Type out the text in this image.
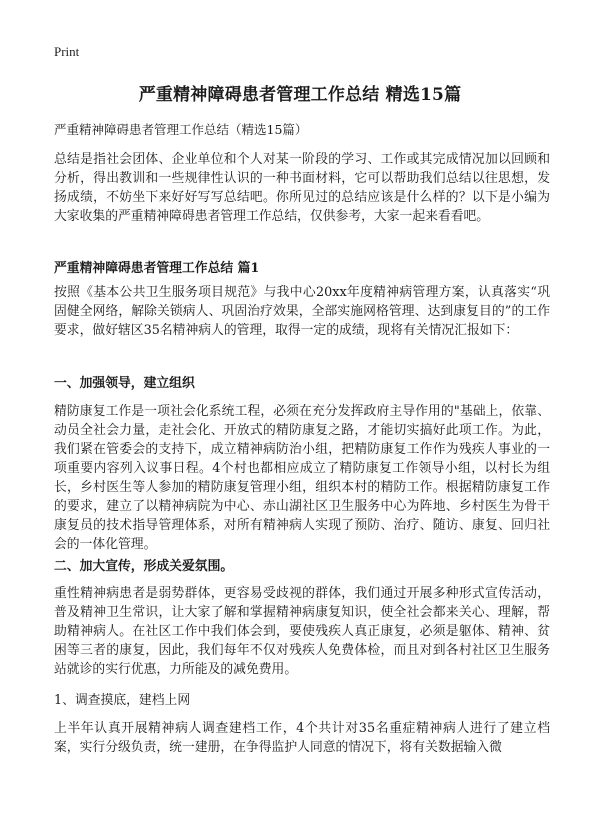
Print
严重精神障碍患者管理工作总结 精选15篇

严重精神障碍患者管理工作总结（精选15篇）

总结是指社会团体、企业单位和个人对某一阶段的学习、工作或其完成情况加以回顾和分析，得出教训和一些规律性认识的一种书面材料，它可以帮助我们总结以往思想，发扬成绩，不妨坐下来好好写写总结吧。你所见过的总结应该是什么样的？以下是小编为大家收集的严重精神障碍患者管理工作总结，仅供参考，大家一起来看看吧。

严重精神障碍患者管理工作总结 篇1

按照《基本公共卫生服务项目规范》与我中心20xx年度精神病管理方案，认真落实“巩固健全网络，解除关锁病人、巩固治疗效果，全部实施网格管理、达到康复目的”的工作要求，做好辖区35名精神病人的管理，取得一定的成绩，现将有关情况汇报如下：

一、加强领导，建立组织

精防康复工作是一项社会化系统工程，必须在充分发挥政府主导作用的"基础上，依靠、动员全社会力量，走社会化、开放式的精防康复之路，才能切实搞好此项工作。为此，我们紧在管委会的支持下，成立精神病防治小组，把精防康复工作作为残疾人事业的一项重要内容列入议事日程。4个村也都相应成立了精防康复工作领导小组，以村长为组长，乡村医生等人参加的精防康复管理小组，组织本村的精防工作。根据精防康复工作的要求，建立了以精神病院为中心、赤山湖社区卫生服务中心为阵地、乡村医生为骨干康复员的技术指导管理体系，对所有精神病人实现了预防、治疗、随访、康复、回归社会的一体化管理。

二、加大宣传，形成关爱氛围。

重性精神病患者是弱势群体，更容易受歧视的群体，我们通过开展多种形式宣传活动，普及精神卫生常识，让大家了解和掌握精神病康复知识，使全社会都来关心、理解，帮助精神病人。在社区工作中我们体会到，要使残疾人真正康复，必须是躯体、精神、贫困等三者的康复，因此，我们每年不仅对残疾人免费体检，而且对到各村社区卫生服务站就诊的实行优惠，力所能及的减免费用。

1、调查摸底，建档上网

上半年认真开展精神病人调查建档工作，4个共计对35名重症精神病人进行了建立档案，实行分级负责，统一建册，在争得监护人同意的情况下，将有关数据输入微
